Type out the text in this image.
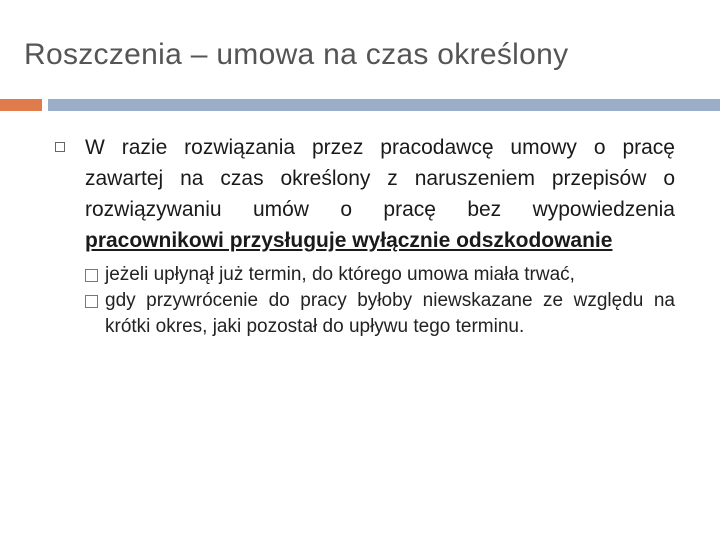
Roszczenia – umowa na czas określony
W razie rozwiązania przez pracodawcę umowy o pracę zawartej na czas określony z naruszeniem przepisów o rozwiązywaniu umów o pracę bez wypowiedzenia pracownikowi przysługuje wyłącznie odszkodowanie
jeżeli upłynął już termin, do którego umowa miała trwać,
gdy przywrócenie do pracy byłoby niewskazane ze względu na krótki okres, jaki pozostał do upływu tego terminu.
